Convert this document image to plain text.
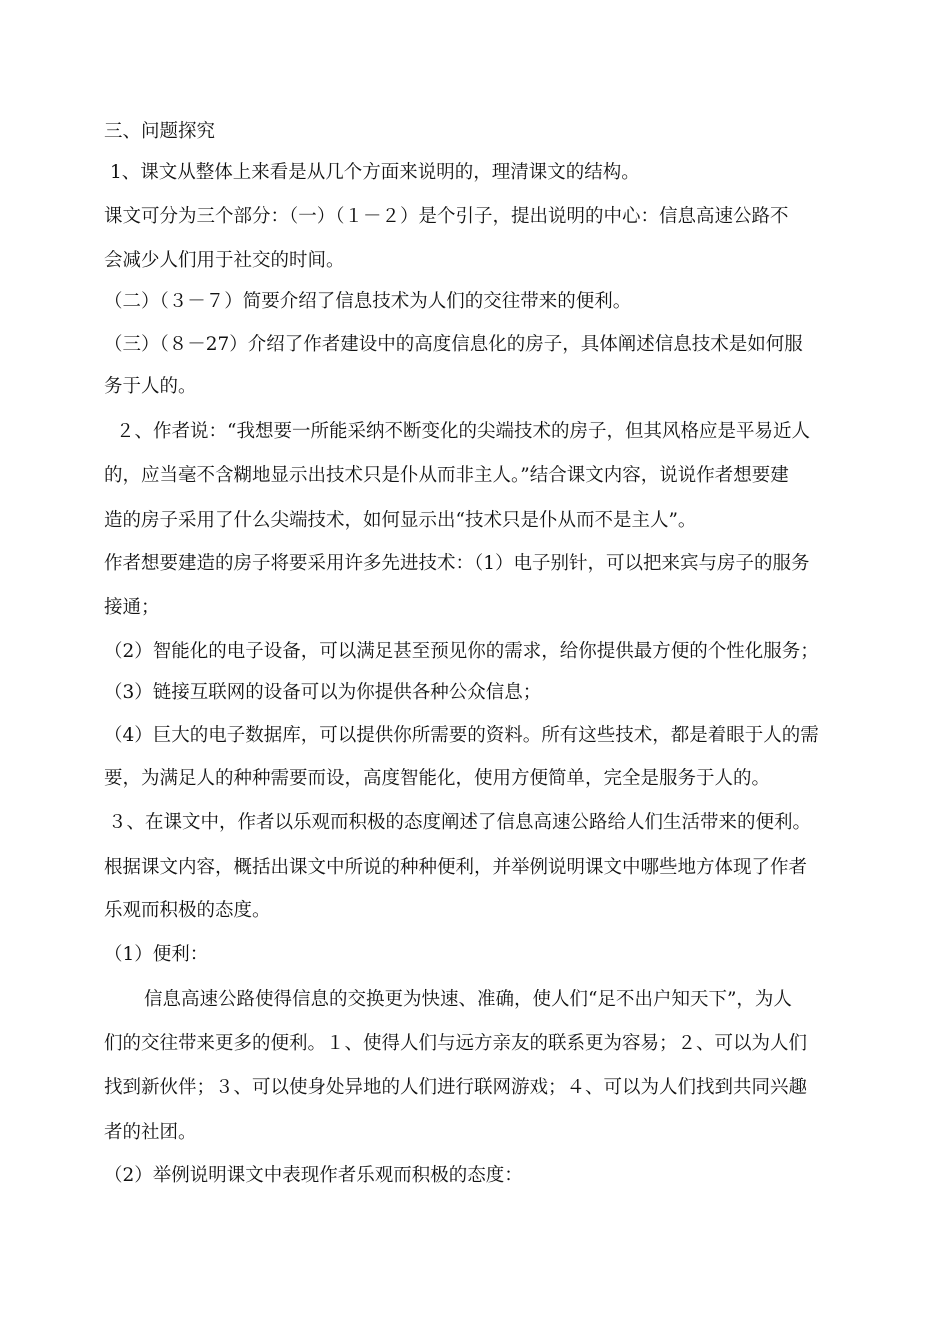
三、问题探究
1、课文从整体上来看是从几个方面来说明的，理清课文的结构。
课文可分为三个部分：（一）（１－２）是个引子，提出说明的中心：信息高速公路不
会减少人们用于社交的时间。
（二）（３－７）简要介绍了信息技术为人们的交往带来的便利。
（三）（８－27）介绍了作者建设中的高度信息化的房子，具体阐述信息技术是如何服
务于人的。
２、作者说：“我想要一所能采纳不断变化的尖端技术的房子，但其风格应是平易近人
的，应当毫不含糊地显示出技术只是仆从而非主人。”结合课文内容，说说作者想要建
造的房子采用了什么尖端技术，如何显示出“技术只是仆从而不是主人”。
作者想要建造的房子将要采用许多先进技术：（1）电子别针，可以把来宾与房子的服务
接通；
（2）智能化的电子设备，可以满足甚至预见你的需求，给你提供最方便的个性化服务；
（3）链接互联网的设备可以为你提供各种公众信息；
（4）巨大的电子数据库，可以提供你所需要的资料。所有这些技术，都是着眼于人的需
要，为满足人的种种需要而设，高度智能化，使用方便简单，完全是服务于人的。
３、在课文中，作者以乐观而积极的态度阐述了信息高速公路给人们生活带来的便利。
根据课文内容，概括出课文中所说的种种便利，并举例说明课文中哪些地方体现了作者
乐观而积极的态度。
（1）便利：
信息高速公路使得信息的交换更为快速、准确，使人们“足不出户知天下”，为人
们的交往带来更多的便利。１、使得人们与远方亲友的联系更为容易；２、可以为人们
找到新伙伴；３、可以使身处异地的人们进行联网游戏；４、可以为人们找到共同兴趣
者的社团。
（2）举例说明课文中表现作者乐观而积极的态度：
